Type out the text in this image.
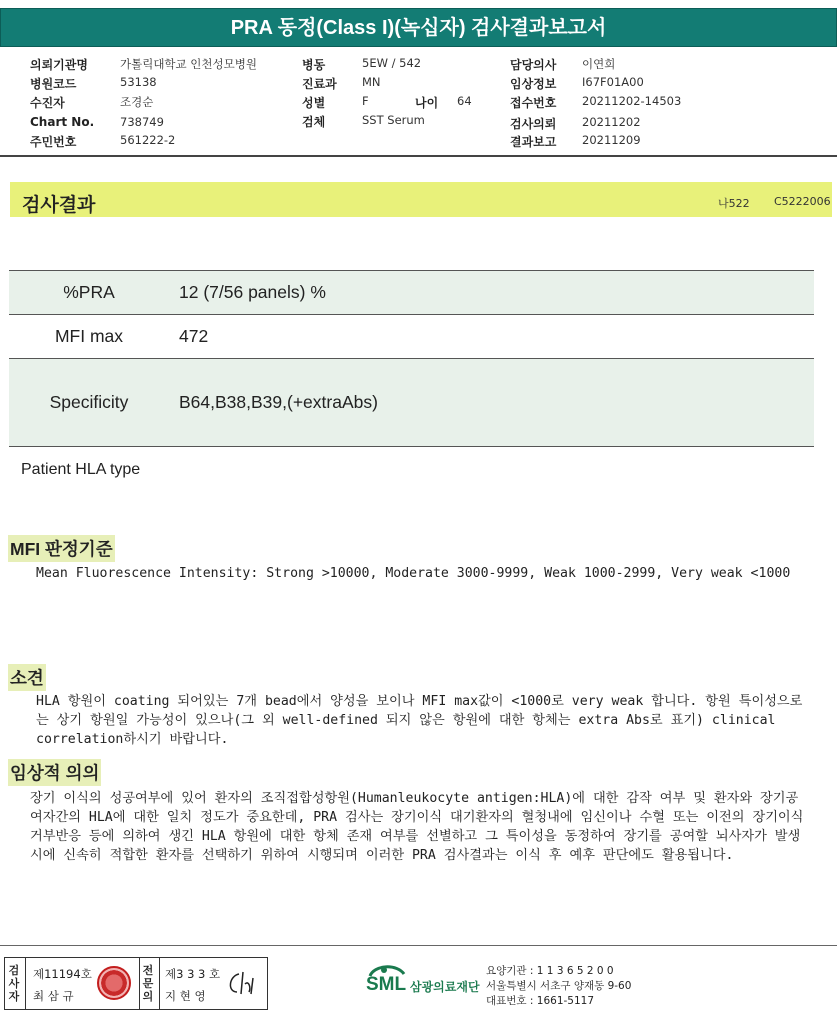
PRA 동정(Class I)(녹십자) 검사결과보고서
의뢰기관명	가톨릭대학교 인천성모병원
병원코드	53138
수진자	조경순
Chart No. 738749
주민번호	561222-2
병동	5EW / 542
진료과 MN
성별	F	나이 64
검체	SST Serum
담당의사 이연희
임상정보 I67F01A00
접수번호 20211202-14503
검사의뢰 20211202
결과보고 20211209
검사결과	나522 C5222006
%PRA	12 (7/56 panels) %
MFI max	472
Specificity	B64,B38,B39,(+extraAbs)
Patient HLA type
MFI 판정기준
Mean Fluorescence Intensity: Strong >10000, Moderate 3000-9999, Weak 1000-2999, Very weak <1000
소견
HLA 항원이 coating 되어있는 7개 bead에서 양성을 보이나 MFI max값이 <1000로 very weak 합니다. 항원 특이성으로는 상기 항원일 가능성이 있으나(그 외 well-defined 되지 않은 항원에 대한 항체는 extra Abs로 표기) clinical correlation하시기 바랍니다.
임상적 의의
장기 이식의 성공여부에 있어 환자의 조직접합성항원(Humanleukocyte antigen:HLA)에 대한 감작 여부 및 환자와 장기공여자간의 HLA에 대한 일치 정도가 중요한데, PRA 검사는 장기이식 대기환자의 혈청내에 임신이나 수혈 또는 이전의 장기이식 거부반응 등에 의하여 생긴 HLA 항원에 대한 항체 존재 여부를 선별하고 그 특이성을 동정하여 장기를 공여할 뇌사자가 발생시에 신속히 적합한 환자를 선택하기 위하여 시행되며 이러한 PRA 검사결과는 이식 후 예후 판단에도 활용됩니다.
검사자
제11194호
최 삼 규
전문의
제3 3 3 호
지 현 영
SML 삼광의료재단
요양기관 : 1 1 3 6 5 2 0 0
서울특별시 서초구 양재동 9-60
대표번호 : 1661-5117
